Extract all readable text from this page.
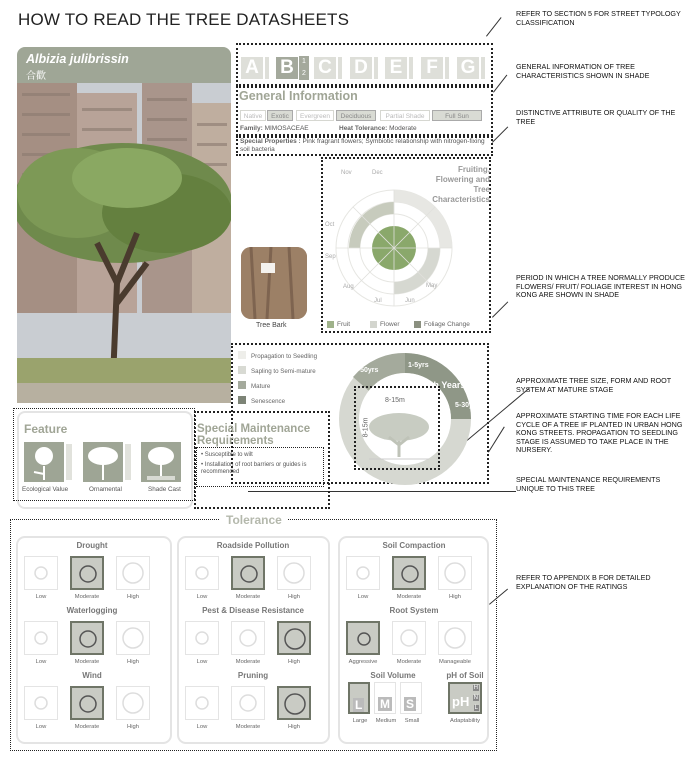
HOW TO READ THE TREE DATASHEETS	REFER TO SECTION 5 FOR STREET TYPOLOGY CLASSIFICATION
GENERAL INFORMATION OF TREE CHARACTERISTICS SHOWN IN SHADE
DISTINCTIVE ATTRIBUTE OR QUALITY OF THE TREE
PERIOD IN WHICH A TREE NORMALLY PRODUCE FLOWERS/ FRUIT/ FOLIAGE INTEREST IN HONG KONG ARE SHOWN IN SHADE
APPROXIMATE TREE SIZE, FORM AND ROOT SYSTEM AT MATURE STAGE
APPROXIMATE STARTING TIME FOR EACH LIFE CYCLE OF A TREE IF PLANTED IN URBAN HONG KONG STREETS. PROPAGATION TO SEEDLING STAGE IS ASSUMED TO TAKE PLACE IN THE NURSERY.
SPECIAL MAINTENANCE REQUIREMENTS UNIQUE TO THIS TREE
REFER TO APPENDIX B FOR DETAILED EXPLANATION OF THE RATINGS
Albizia julibrissin
合歡	A B	1
2 C D E F G
General Information
Native	Exotic	Evergreen	Deciduous	Partial Shade	Full Sun
Family: MIMOSACEAE	Heat Tolerance: Moderate
Special Properties : Pink fragrant flowers; Symbiotic relationship with nitrogen-fixing soil bacteria
Fruiting, Flowering and Tree Characteristics
Nov	Dec
Oct
Sep
Aug
Jul	Jun
May
Fruit	Flower	Foliage Change
Tree Bark
Propagation to Seedling
Sapling to Semi-mature
Mature
Senescence
30-50yrs
1-5yrs
5-30yrs
Life-cycle with Years
8-15m
8-15m
Feature
Ecological Value	Ornamental	Shade Cast
Special Maintenance Requirements
• Susceptible to wilt
• Installation of root barriers or guides is recommended
Tolerance
Drought
Low	Moderate	High
Waterlogging
Low	Moderate	High
Wind
Low	Moderate	High
Roadside Pollution
Low	Moderate	High
Pest & Disease Resistance
Low	Moderate	High
Pruning
Low	Moderate	High
Soil Compaction
Low	Moderate	High
Root System
Aggressive	Moderate	Manageable
Soil Volume
L
Large
M
Medium
S
Small
pH of Soil
pH
H
N
L
Adaptability
